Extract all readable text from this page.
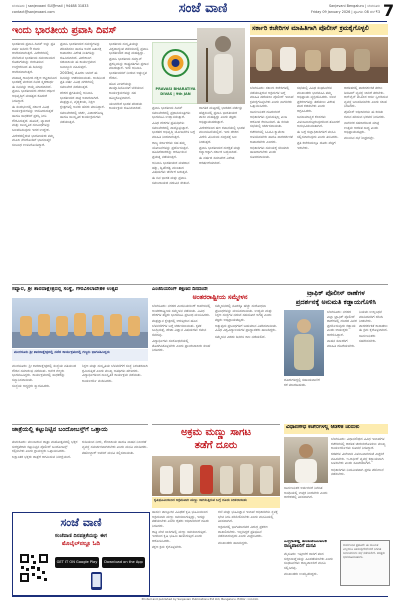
ಬೆಂಗಳೂರು | sanjevaani SU@mail | 94488 31833
contact@sanjevaani.com	ಸಂಜೆ ವಾಣಿ	Sanjevani Bengaluru | ಬೆಂಗಳೂರು
Friday 09 January 2026 | ಪುಟಗಳು 08 ಬೆಲೆ ₹3 7
ಇಂದು ಭಾರತೀಯ ಪ್ರವಾಸಿ ದಿವಸ್

ಭಾರತೀಯ ಪ್ರವಾಸಿ ದಿವಸ್ ಅನ್ನು ಪ್ರತಿ ವರ್ಷ ಜನವರಿ 9 ರಂದು ಆಚರಿಸಲಾಗುತ್ತದೆ. ವಿದೇಶಗಳಲ್ಲಿ ನೆಲೆಸಿರುವ ಭಾರತೀಯ ಸಮುದಾಯದ ಕೊಡುಗೆಯನ್ನು ಗುರುತಿಸುವ ಉದ್ದೇಶದಿಂದ ಈ ದಿನವನ್ನು ಆಚರಿಸಲಾಗುತ್ತದೆ.

ಮಹಾತ್ಮ ಗಾಂಧೀಜಿ ದಕ್ಷಿಣ ಆಫ್ರಿಕಾದಿಂದ ಭಾರತಕ್ಕೆ ಮರಳಿದ ದಿನದ ಸ್ಮರಣಾರ್ಥ ಈ ದಿನವನ್ನು ಆಯ್ಕೆ ಮಾಡಲಾಗಿದೆ. ಪ್ರವಾಸಿ ಭಾರತೀಯರು ದೇಶದ ಆರ್ಥಿಕ ಅಭಿವೃದ್ಧಿಗೆ ಮಹತ್ವದ ಕೊಡುಗೆ ನೀಡಿದ್ದಾರೆ.

ಈ ಸಂದರ್ಭದಲ್ಲಿ ಸರ್ಕಾರ ವಿವಿಧ ಕಾರ್ಯಕ್ರಮಗಳನ್ನು ಆಯೋಜಿಸುತ್ತದೆ ಹಾಗೂ ಸಾಧಕರಿಗೆ ಪ್ರಶಸ್ತಿ ನೀಡಿ ಗೌರವಿಸುತ್ತದೆ. ಹೂಡಿಕೆ, ವ್ಯಾಪಾರ ಮತ್ತು ಸಾಂಸ್ಕೃತಿಕ ಸಂಬಂಧಗಳನ್ನು ಬಲಪಡಿಸುವುದು ಇದರ ಉದ್ದೇಶ.

ವಿದೇಶದಲ್ಲಿರುವ ಭಾರತೀಯರು ತಮ್ಮ ಮೂಲ ನೆಲದೊಂದಿಗೆ ಭಾವನಾತ್ಮಕ ಸಂಬಂಧ ಉಳಿಸಿಕೊಂಡಿದ್ದಾರೆ.

ಪ್ರವಾಸಿ ಭಾರತೀಯರ ಸಮಸ್ಯೆಗಳನ್ನು ಪರಿಹರಿಸಲು ಹಾಗೂ ಅವರ ಹಿತಾಸಕ್ತಿ ಕಾಪಾಡಲು ವಿಶೇಷ ನೀತಿಗಳನ್ನು ರೂಪಿಸಲಾಗಿದೆ. ವಿದೇಶಾಂಗ ಸಚಿವಾಲಯ ಈ ಕಾರ್ಯಕ್ರಮದ ಜವಾಬ್ದಾರಿ ವಹಿಸುತ್ತದೆ.

2003ರಲ್ಲಿ ಮೊದಲ ಬಾರಿಗೆ ಈ ದಿನವನ್ನು ಆಚರಿಸಲಾಯಿತು. ಅಂದಿನಿಂದ ಪ್ರತಿ ವರ್ಷ ವಿವಿಧ ನಗರಗಳಲ್ಲಿ ಸಮಾವೇಶ ನಡೆಯುತ್ತದೆ.

ದೇಶದ ಪ್ರಗತಿಯಲ್ಲಿ ಅನಿವಾಸಿ ಭಾರತೀಯರ ಪಾತ್ರ ಅಪಾರವಾಗಿದೆ. ತಂತ್ರಜ್ಞಾನ, ವೈದ್ಯಕೀಯ, ಶಿಕ್ಷಣ ಕ್ಷೇತ್ರಗಳಲ್ಲಿ ಅವರು ಹೆಸರು ಮಾಡಿದ್ದಾರೆ.

ಸಮಾವೇಶದಲ್ಲಿ ಚರ್ಚೆ, ವಿಚಾರಗೋಷ್ಠಿ ಹಾಗೂ ಸಾಂಸ್ಕೃತಿಕ ಕಾರ್ಯಕ್ರಮಗಳು ನಡೆಯುತ್ತವೆ.

ಭಾರತೀಯ ಸಂಸ್ಕೃತಿಯನ್ನು ವಿಶ್ವದಾದ್ಯಂತ ಪಸರಿಸುವಲ್ಲಿ ಪ್ರವಾಸಿ ಭಾರತೀಯರ ಪಾತ್ರ ಮಹತ್ವದ್ದು.

ಪ್ರವಾಸಿ ಭಾರತೀಯ ಸಮ್ಮಾನ್ ಪ್ರಶಸ್ತಿಯನ್ನು ರಾಷ್ಟ್ರಪತಿಗಳು ಪ್ರದಾನ ಮಾಡುತ್ತಾರೆ. ಇದು ಅನಿವಾಸಿ ಭಾರತೀಯರಿಗೆ ನೀಡುವ ಅತ್ಯುನ್ನತ ಗೌರವ.

ಹೊಸ ಪೀಳಿಗೆಯನ್ನು ತಾಯ್ನಾಡಿನೊಂದಿಗೆ ಬೆಸೆಯುವ ಕಾರ್ಯಕ್ರಮಗಳನ್ನು ಸಹ ಹಮ್ಮಿಕೊಳ್ಳಲಾಗಿದೆ.

ಯುವಕರಿಗೆ ಭಾರತ ಪರಿಚಯ ಕಾರ್ಯಕ್ರಮ ರೂಪಿಸಲಾಗಿದೆ.

PRAVASI BHARATIYA DIVAS | 9th JAN

ಪ್ರವಾಸಿ ಭಾರತೀಯ ದಿವಸ್ ಸಮಾವೇಶದಲ್ಲಿ ಪ್ರಧಾನಮಂತ್ರಿಗಳು ಭಾಗವಹಿಸಿ ಉದ್ಘಾಟಿಸುತ್ತಾರೆ.

ವಿವಿಧ ದೇಶಗಳ ಪ್ರತಿನಿಧಿಗಳು ಸಮಾವೇಶದಲ್ಲಿ ಪಾಲ್ಗೊಳ್ಳುತ್ತಾರೆ. ಭಾರತದ ಅಭಿವೃದ್ಧಿ ಯೋಜನೆಗಳ ಬಗ್ಗೆ ಮಾಹಿತಿ ನೀಡಲಾಗುತ್ತದೆ.

ರಾಜ್ಯ ಸರ್ಕಾರಗಳು ಸಹ ತಮ್ಮ ಯೋಜನೆಗಳನ್ನು ಪ್ರದರ್ಶಿಸುತ್ತವೆ. ಹೂಡಿಕೆದಾರರನ್ನು ಆಕರ್ಷಿಸುವ ಪ್ರಯತ್ನ ನಡೆಯುತ್ತದೆ.

ಅನಿವಾಸಿ ಭಾರತೀಯರ ಮತದಾನ ಹಕ್ಕು, ದ್ವಿಪೌರತ್ವ ಮುಂತಾದ ವಿಷಯಗಳು ಚರ್ಚೆಗೆ ಬರುತ್ತವೆ.

ಈ ದಿನ ಭಾರತ ಮತ್ತು ಪ್ರವಾಸಿ ಸಮುದಾಯದ ನಡುವಿನ ಸೇತುವೆ.

ಜಾಗತಿಕ ಮಟ್ಟದಲ್ಲಿ ಭಾರತದ ವರ್ಚಸ್ಸು ಹೆಚ್ಚಿಸುವಲ್ಲಿ ಪ್ರವಾಸಿ ಭಾರತೀಯರ ಪಾಲು ಮಹತ್ವದ್ದು ಎಂದು ತಜ್ಞರು ಅಭಿಪ್ರಾಯಪಡುತ್ತಾರೆ.

ವಿದೇಶಗಳಿಂದ ಹಣ ರವಾನೆಯಲ್ಲಿ ಭಾರತ ಮುಂಚೂಣಿಯಲ್ಲಿದೆ. ಇದು ದೇಶದ ವಿದೇಶಿ ವಿನಿಮಯ ಸಂಗ್ರಹಕ್ಕೆ ಬಲ ನೀಡುತ್ತದೆ.

ಪ್ರವಾಸಿ ಭಾರತೀಯರ ಸುರಕ್ಷತೆ ಮತ್ತು ಕಲ್ಯಾಣಕ್ಕಾಗಿ ಸರ್ಕಾರ ಬದ್ಧವಾಗಿದೆ.

ಈ ವರ್ಷದ ಸಮಾವೇಶ ವಿಶೇಷ ಆಕರ್ಷಣೆಯಾಗಿದೆ.

ಸರ್ಕಾರಿ ಕಚೇರಿಗಳ ಮಾಹಿತಿಗಾಗಿ ಪೊಲೀಸ್ ಕ್ರಮಕೈಗೊಳ್ಳಲಿ

ಬೆಂಗಳೂರು: ಸರ್ಕಾರಿ ಕಚೇರಿಗಳಲ್ಲಿ ನಡೆಯುತ್ತಿರುವ ಅಕ್ರಮಗಳ ಬಗ್ಗೆ ಮಾಹಿತಿ ಪಡೆಯಲು ಪೊಲೀಸ್ ಇಲಾಖೆ ಕ್ರಮಕೈಗೊಳ್ಳಬೇಕು ಎಂದು ನಾಗರಿಕರು ಒತ್ತಾಯಿಸಿದರು.

ಸಾರ್ವಜನಿಕರ ದೂರುಗಳಿಗೆ ಅಧಿಕಾರಿಗಳು ಸ್ಪಂದಿಸುತ್ತಿಲ್ಲ ಎಂಬ ಆರೋಪ ಕೇಳಿಬಂದಿದೆ. ಈ ಕುರಿತು ಸಭೆಯಲ್ಲಿ ಚರ್ಚಿಸಲಾಯಿತು.

ಕಚೇರಿಗಳಲ್ಲಿ ಸಿಸಿಟಿವಿ ಕ್ಯಾಮೆರಾ ಅಳವಡಿಸಬೇಕು ಹಾಗೂ ಪಾರದರ್ಶಕತೆ ಕಾಪಾಡಬೇಕು ಎಂದರು.

ಅಧಿಕಾರಿಗಳು ಸಮಯಕ್ಕೆ ಸರಿಯಾಗಿ ಹಾಜರಾಗಬೇಕು ಎಂದು ಸೂಚಿಸಲಾಯಿತು.

ಸಭೆಯಲ್ಲಿ ವಿವಿಧ ಸಂಘಟನೆಗಳ ಮುಖಂಡರು ಭಾಗವಹಿಸಿ ತಮ್ಮ ಅಭಿಪ್ರಾಯ ವ್ಯಕ್ತಪಡಿಸಿದರು. ಲಂಚ ಪ್ರಕರಣಗಳನ್ನು ತಡೆಯಲು ವಿಶೇಷ ತಂಡ ರಚಿಸಬೇಕು ಎಂದು ಆಗ್ರಹಿಸಿದರು.

ಜನಸಾಮಾನ್ಯರ ಕೆಲಸಗಳು ವಿಳಂಬವಾಗುತ್ತಿರುವುದರಿಂದ ತೊಂದರೆ ಅನುಭವಿಸುವಂತಾಗಿದೆ.

ಈ ಬಗ್ಗೆ ಜಿಲ್ಲಾಧಿಕಾರಿಗಳಿಗೆ ಮನವಿ ಸಲ್ಲಿಸಲಾಗುವುದು ಎಂದು ತಿಳಿಸಿದರು.

ಪ್ರತಿ ಕಚೇರಿಯಲ್ಲೂ ದೂರು ಪೆಟ್ಟಿಗೆ ಇರಬೇಕು.

ಆಡಳಿತದಲ್ಲಿ ಪಾರದರ್ಶಕತೆ ತರಲು ಡಿಜಿಟಲ್ ವ್ಯವಸ್ಥೆ ಜಾರಿಗೆ ತರಬೇಕು. ಆನ್‌ಲೈನ್ ಮೂಲಕ ಅರ್ಜಿ ಸ್ವೀಕರಿಸುವ ವ್ಯವಸ್ಥೆ ಬಲಪಡಿಸಬೇಕು ಎಂದು ಸಲಹೆ ನೀಡಿದರು.

ಪೊಲೀಸ್ ಅಧಿಕಾರಿಗಳು ಈ ಕುರಿತು ಗಮನ ಹರಿಸುವ ಭರವಸೆ ನೀಡಿದರು.

ನಾಗರಿಕರ ಸಹಕಾರದಿಂದ ಮಾತ್ರ ಉತ್ತಮ ಆಡಳಿತ ಸಾಧ್ಯ ಎಂದು ಅಭಿಪ್ರಾಯಪಟ್ಟರು.

ಮುಂದಿನ ಸಭೆ ಶೀಘ್ರದಲ್ಲೇ.

ಸವ್ಯಾಲಿ, ಶ್ರೀ ಶಾರದಾಕ್ಷೇತ್ರದಲ್ಲಿ ಸಂಸ್ಥೆ, ಗೌರವಿಸಲಾದೇಶಿಕ ಉತ್ಸವ
ಮಂಗಳೂರು ಶ್ರೀ ಶಾರದಾಕ್ಷೇತ್ರದಲ್ಲಿ ನಡೆದ ಕಾರ್ಯಕ್ರಮದಲ್ಲಿ ಗಣ್ಯರು ಭಾಗವಹಿಸಿದ್ದರು

ಮಂಗಳೂರು: ಶ್ರೀ ಶಾರದಾಕ್ಷೇತ್ರದಲ್ಲಿ ಸಂಸ್ಥೆಯ ವತಿಯಿಂದ ಗೌರವ ಸಮಾರಂಭ ನಡೆಯಿತು. ಅನೇಕ ಗಣ್ಯರು ಭಾಗವಹಿಸಿದ್ದರು. ಕಾರ್ಯಕ್ರಮದಲ್ಲಿ ಸಾಧಕರನ್ನು ಸನ್ಮಾನಿಸಲಾಯಿತು.

ಸಂಸ್ಥೆಯ ಅಧ್ಯಕ್ಷರು ಸ್ವಾಗತಿಸಿದರು.

ಶಿಕ್ಷಣ ಮತ್ತು ಸಂಸ್ಕೃತಿಯ ಬೆಳವಣಿಗೆಗೆ ಸಂಸ್ಥೆ ನಿರಂತರವಾಗಿ ಶ್ರಮಿಸುತ್ತಿದೆ ಎಂದು ಮುಖ್ಯ ಅತಿಥಿಗಳು ಹೇಳಿದರು. ವಿದ್ಯಾರ್ಥಿಗಳಿಂದ ಸಾಂಸ್ಕೃತಿಕ ಕಾರ್ಯಕ್ರಮ ನಡೆಯಿತು.

ಕಾರ್ಯದರ್ಶಿ ವಂದಿಸಿದರು.

ಎಂಜಿನಿಯರಿಂಗ್ ಶಿಕ್ಷಣದ ದಿನದಂದೇ
ಅಂತರರಾಷ್ಟ್ರೀಯ ಸಮ್ಮೇಳನ

ಬೆಂಗಳೂರು: ನಗರದ ಎಂಜಿನಿಯರಿಂಗ್ ಕಾಲೇಜಿನಲ್ಲಿ ಅಂತರರಾಷ್ಟ್ರೀಯ ಸಮ್ಮೇಳನ ನಡೆಯಿತು. ವಿವಿಧ ದೇಶಗಳ ತಜ್ಞರು ಭಾಗವಹಿಸಿ ಪ್ರಬಂಧ ಮಂಡಿಸಿದರು.

ತಂತ್ರಜ್ಞಾನ ಕ್ಷೇತ್ರದಲ್ಲಿ ಆಗುತ್ತಿರುವ ಹೊಸ ಬೆಳವಣಿಗೆಗಳ ಬಗ್ಗೆ ಚರ್ಚಿಸಲಾಯಿತು. ಕೃತಕ ಬುದ್ಧಿಮತ್ತೆ, ಡೇಟಾ ವಿಜ್ಞಾನ ವಿಷಯಗಳು ಗಮನ ಸೆಳೆದವು.

ವಿದ್ಯಾರ್ಥಿಗಳು ಸಂಶೋಧನೆಯಲ್ಲಿ ತೊಡಗಿಸಿಕೊಳ್ಳಬೇಕು ಎಂದು ಪ್ರಾಂಶುಪಾಲರು ಸಲಹೆ ನೀಡಿದರು.

ಸಮ್ಮೇಳನದಲ್ಲಿ ನೂರಕ್ಕೂ ಹೆಚ್ಚು ಸಂಶೋಧನಾ ಪ್ರಬಂಧಗಳನ್ನು ಮಂಡಿಸಲಾಯಿತು. ಉದ್ಯಮ ಮತ್ತು ಶಿಕ್ಷಣ ಸಂಸ್ಥೆಗಳ ನಡುವೆ ಸಹಯೋಗ ಅಗತ್ಯ ಎಂದು ತಜ್ಞರು ಅಭಿಪ್ರಾಯಪಟ್ಟರು.

ಅತ್ಯುತ್ತಮ ಪ್ರಬಂಧಗಳಿಗೆ ಬಹುಮಾನ ವಿತರಿಸಲಾಯಿತು. ವಿವಿಧ ವಿಶ್ವವಿದ್ಯಾಲಯಗಳ ಪ್ರಾಧ್ಯಾಪಕರು ಹಾಜರಿದ್ದರು.

ಸಮ್ಮೇಳನ ಎರಡು ದಿನಗಳ ಕಾಲ ನಡೆಯಲಿದೆ.

ಟ್ರಾಫಿಕ್ ಪೊಲೀಸ್ ಠಾಣೆಗಳ
ಪ್ರದರ್ಶನಕ್ಕೆ ಅನುಮತಿ ಕಡ್ಡಾಯಗೊಳಿಸಿ

ಬೆಂಗಳೂರು: ನಗರದ ಎಲ್ಲಾ ಟ್ರಾಫಿಕ್ ಪೊಲೀಸ್ ಠಾಣೆಗಳಲ್ಲಿ ದಂಡದ ವಿವರ ಪ್ರದರ್ಶಿಸುವುದು ಕಡ್ಡಾಯ ಎಂದು ಆಯುಕ್ತರು ಆದೇಶಿಸಿದ್ದಾರೆ.

ವಾಹನ ಸವಾರರಿಗೆ ಮಾಹಿತಿ ದೊರೆಯಬೇಕು.

ನಿಯಮ ಉಲ್ಲಂಘನೆ ಮಾಡಿದವರಿಗೆ ರಶೀದಿ ನೀಡಬೇಕು. ಪಾರದರ್ಶಕತೆ ಕಾಪಾಡಲು ಈ ಕ್ರಮ ಕೈಗೊಳ್ಳಲಾಗಿದೆ.

ಸಾರ್ವಜನಿಕರು ಸಹಕರಿಸಬೇಕು.

ದೂರುಗಳಿದ್ದಲ್ಲಿ ಸಹಾಯವಾಣಿಗೆ ಕರೆ ಮಾಡಬಹುದು.

ಜಾತ್ರೆಯಲ್ಲಿ ಕಟ್ಟುನಿಟ್ಟಿನ ಬಂದೋಬಸ್ತ್‌ಗೆ ಒತ್ತಾಯ

ತುಮಕೂರು: ಮುಂಬರುವ ಜಾತ್ರಾ ಮಹೋತ್ಸವದಲ್ಲಿ ಭಕ್ತರ ಸುರಕ್ಷತೆಗಾಗಿ ಕಟ್ಟುನಿಟ್ಟಿನ ಪೊಲೀಸ್ ಬಂದೋಬಸ್ತ್ ಕಲ್ಪಿಸಬೇಕು ಎಂದು ಗ್ರಾಮಸ್ಥರು ಒತ್ತಾಯಿಸಿದರು.

ಲಕ್ಷಾಂತರ ಭಕ್ತರು ಜಾತ್ರೆಗೆ ಆಗಮಿಸುವ ನಿರೀಕ್ಷೆಯಿದೆ.

ಕುಡಿಯುವ ನೀರು, ಶೌಚಾಲಯ ಹಾಗೂ ವಾಹನ ನಿಲುಗಡೆ ವ್ಯವಸ್ಥೆ ಸಮರ್ಪಕವಾಗಿರಬೇಕು ಎಂದು ಮನವಿ ಮಾಡಿದರು.

ತಹಶೀಲ್ದಾರ್ ಅವರಿಗೆ ಮನವಿ ಸಲ್ಲಿಸಲಾಯಿತು.

ಅಕ್ರಮ ಮಣ್ಣು ಸಾಗಟ
ತಡೆಗೆ ದೂರು
ಕೃಷಿಭೂಮಿಯಿಂದ ಅಕ್ರಮವಾಗಿ ಮಣ್ಣು ಸಾಗಿಸುತ್ತಿರುವ ಬಗ್ಗೆ ದೂರು ನೀಡಲಾಯಿತು

ಹಾಸನ: ತಾಲ್ಲೂಕಿನ ವಿವಿಧೆಡೆ ಕೃಷಿ ಭೂಮಿಯಿಂದ ಅಕ್ರಮವಾಗಿ ಮಣ್ಣು ಸಾಗಿಸಲಾಗುತ್ತಿದ್ದು, ಇದನ್ನು ತಡೆಯಬೇಕು ಎಂದು ರೈತರು ಅಧಿಕಾರಿಗಳಿಗೆ ದೂರು ನೀಡಿದರು.

ರಾತ್ರಿ ವೇಳೆ ಲಾರಿಗಳಲ್ಲಿ ಮಣ್ಣು ಸಾಗಿಸಲಾಗುತ್ತಿದೆ. ಇದರಿಂದ ಕೃಷಿ ಭೂಮಿ ಹಾಳಾಗುತ್ತಿದೆ ಎಂದು ಆರೋಪಿಸಿದರು.

ತಕ್ಷಣ ಕ್ರಮ ಕೈಗೊಳ್ಳಬೇಕು.

ಗಣಿ ಮತ್ತು ಭೂವಿಜ್ಞಾನ ಇಲಾಖೆ ಅಧಿಕಾರಿಗಳು ಸ್ಥಳಕ್ಕೆ ಭೇಟಿ ನೀಡಿ ಪರಿಶೀಲಿಸಬೇಕು ಎಂದು ಮನವಿಯಲ್ಲಿ ತಿಳಿಸಲಾಗಿದೆ.

ಅಕ್ರಮದಲ್ಲಿ ಭಾಗಿಯಾದವರ ವಿರುದ್ಧ ಪ್ರಕರಣ ದಾಖಲಿಸಬೇಕು. ಇಲ್ಲದಿದ್ದರೆ ಪ್ರತಿಭಟನೆ ನಡೆಸಲಾಗುವುದು ಎಂದು ಎಚ್ಚರಿಸಿದರು.

ಮುಖಂಡರು ಹಾಜರಿದ್ದರು.

ವಿಧಾನಸೌಧ ಕಚೇರಿಗಳಲ್ಲಿ ಆಡಳಿತ ಚುರುಕು

ಬೆಂಗಳೂರು: ವಿಧಾನಸೌಧದ ವಿವಿಧ ಇಲಾಖೆಗಳ ಕಚೇರಿಗಳಲ್ಲಿ ಆಡಳಿತ ಚುರುಕುಗೊಳಿಸಲು ಮುಖ್ಯ ಕಾರ್ಯದರ್ಶಿಗಳು ಸೂಚನೆ ನೀಡಿದ್ದಾರೆ.

ಕಡತಗಳ ವಿಲೇವಾರಿ ವಿಳಂಬವಾಗದಂತೆ ಎಚ್ಚರಿಕೆ ವಹಿಸಬೇಕು. ಇ-ಆಫೀಸ್ ವ್ಯವಸ್ಥೆ ಕಡ್ಡಾಯವಾಗಿ ಬಳಸಬೇಕು ಎಂದು ಸೂಚಿಸಲಾಗಿದೆ.

ಅಧಿಕಾರಿಗಳು ನಿಯಮಿತವಾಗಿ ಪ್ರಗತಿ ಪರಿಶೀಲನೆ ನಡೆಸಬೇಕು.

ಸಾರ್ವಜನಿಕರ ಅರ್ಜಿಗಳಿಗೆ ನಿಗದಿತ ಅವಧಿಯಲ್ಲಿ ಉತ್ತರ ನೀಡಬೇಕು ಎಂದು ಆದೇಶದಲ್ಲಿ ತಿಳಿಸಲಾಗಿದೆ.

ಸಾರ್ವಜನಿಕ ಪ್ರಕಟಣೆ: ಈ ಮೂಲಕ ಎಲ್ಲರಿಗೂ ತಿಳಿಸುವುದೇನೆಂದರೆ ನಿಗದಿತ ದಿನಾಂಕದಂದು ಸಭೆ ನಡೆಯಲಿದೆ. ಆಸಕ್ತರು ಭಾಗವಹಿಸಬಹುದು.

ಸುಗ್ರೀವಾಜ್ಞೆ ಹಿಂಪಡೆಯುವಂತೆ ರಾಜ್ಯಪಾಲರಿಗೆ ಮನವಿ

ಮೈಸೂರು: ಇತ್ತೀಚೆಗೆ ಜಾರಿಗೆ ತಂದ ಸುಗ್ರೀವಾಜ್ಞೆಯನ್ನು ಹಿಂಪಡೆಯಬೇಕು ಎಂದು ಸಂಘಟನೆಗಳು ರಾಜ್ಯಪಾಲರಿಗೆ ಮನವಿ ಸಲ್ಲಿಸಿದವು.

ಮುಖಂಡರು ಉಪಸ್ಥಿತರಿದ್ದರು.

ಸಂಜೆ ವಾಣಿ
ಸಂಜೆವಾಣಿ ದಿನಪತ್ರಿಕೆಯನ್ನು ಈಗ
ಮೊಬೈಲ್‌ನಲ್ಲೂ ಓದಿ
GET IT ON Google Play	Download on the App Store
Printed and published by Sanjevani Publications Pvt Ltd, Bengaluru. Editor: ಸಂಪಾದಕರು
